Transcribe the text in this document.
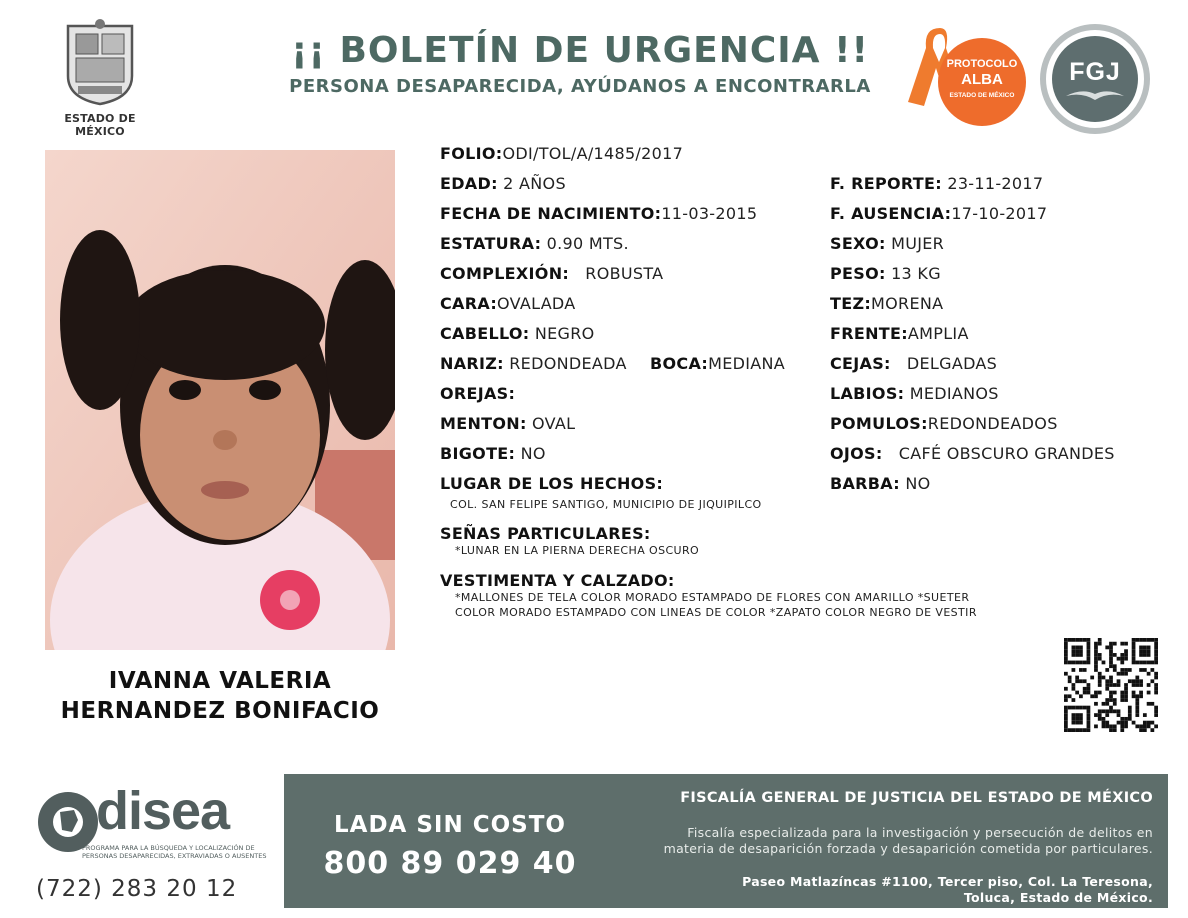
ESTADO DE MÉXICO
¡¡ BOLETÍN DE URGENCIA !!
PERSONA DESAPARECIDA, AYÚDANOS A ENCONTRARLA
PROTOCOLO
ALBA
ESTADO DE MÉXICO
FGJ
IVANNA VALERIA
HERNANDEZ BONIFACIO
FOLIO:ODI/TOL/A/1485/2017
EDAD: 2 AÑOS
FECHA DE NACIMIENTO:11-03-2015
ESTATURA: 0.90 MTS.
COMPLEXIÓN: ROBUSTA
CARA:OVALADA
CABELLO: NEGRO
NARIZ: REDONDEADA BOCA:MEDIANA
OREJAS:
MENTON: OVAL
BIGOTE: NO
LUGAR DE LOS HECHOS:
COL. SAN FELIPE SANTIGO, MUNICIPIO DE JIQUIPILCO
SEÑAS PARTICULARES:
*LUNAR EN LA PIERNA DERECHA OSCURO
VESTIMENTA Y CALZADO:
*MALLONES DE TELA COLOR MORADO ESTAMPADO DE FLORES CON AMARILLO *SUETER
COLOR MORADO ESTAMPADO CON LINEAS DE COLOR *ZAPATO COLOR NEGRO DE VESTIR
F. REPORTE: 23-11-2017
F. AUSENCIA:17-10-2017
SEXO: MUJER
PESO: 13 KG
TEZ:MORENA
FRENTE:AMPLIA
CEJAS: DELGADAS
LABIOS: MEDIANOS
POMULOS:REDONDEADOS
OJOS: CAFÉ OBSCURO GRANDES
BARBA: NO
disea
PROGRAMA PARA LA BÚSQUEDA Y LOCALIZACIÓN DE PERSONAS DESAPARECIDAS, EXTRAVIADAS O AUSENTES
(722) 283 20 12
LADA SIN COSTO
800 89 029 40
FISCALÍA GENERAL DE JUSTICIA DEL ESTADO DE MÉXICO
Fiscalía especializada para la investigación y persecución de delitos en
materia de desaparición forzada y desaparición cometida por particulares.
Paseo Matlazíncas #1100, Tercer piso, Col. La Teresona,
Toluca, Estado de México.
